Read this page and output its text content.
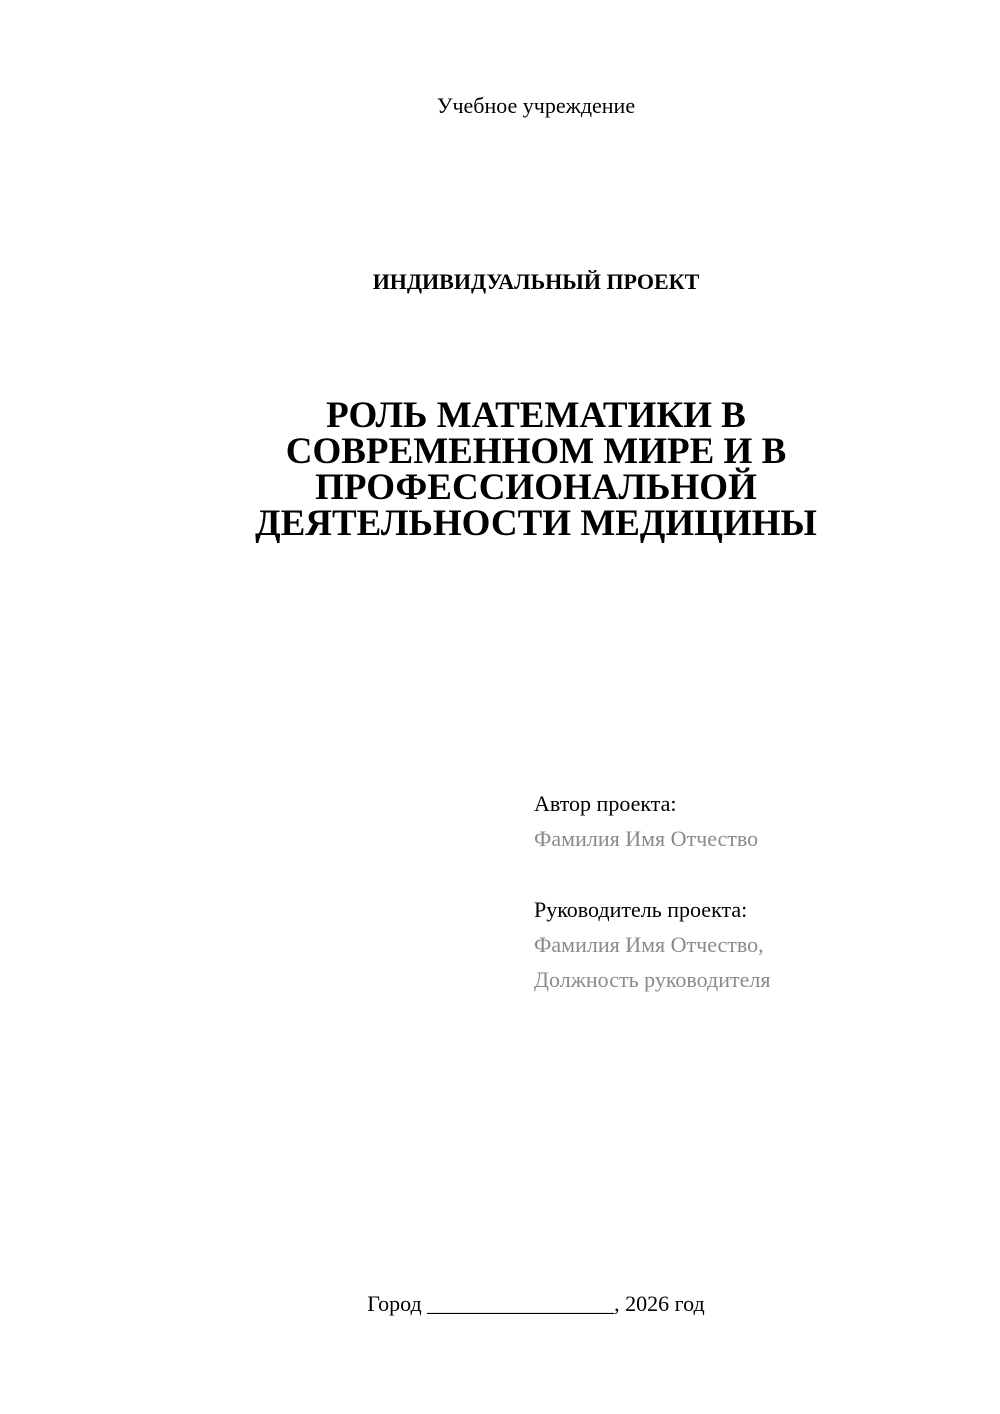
Учебное учреждение
ИНДИВИДУАЛЬНЫЙ ПРОЕКТ
РОЛЬ МАТЕМАТИКИ В
СОВРЕМЕННОМ МИРЕ И В
ПРОФЕССИОНАЛЬНОЙ
ДЕЯТЕЛЬНОСТИ МЕДИЦИНЫ
Автор проекта:
Фамилия Имя Отчество
Руководитель проекта:
Фамилия Имя Отчество,
Должность руководителя
Город _________________, 2026 год
